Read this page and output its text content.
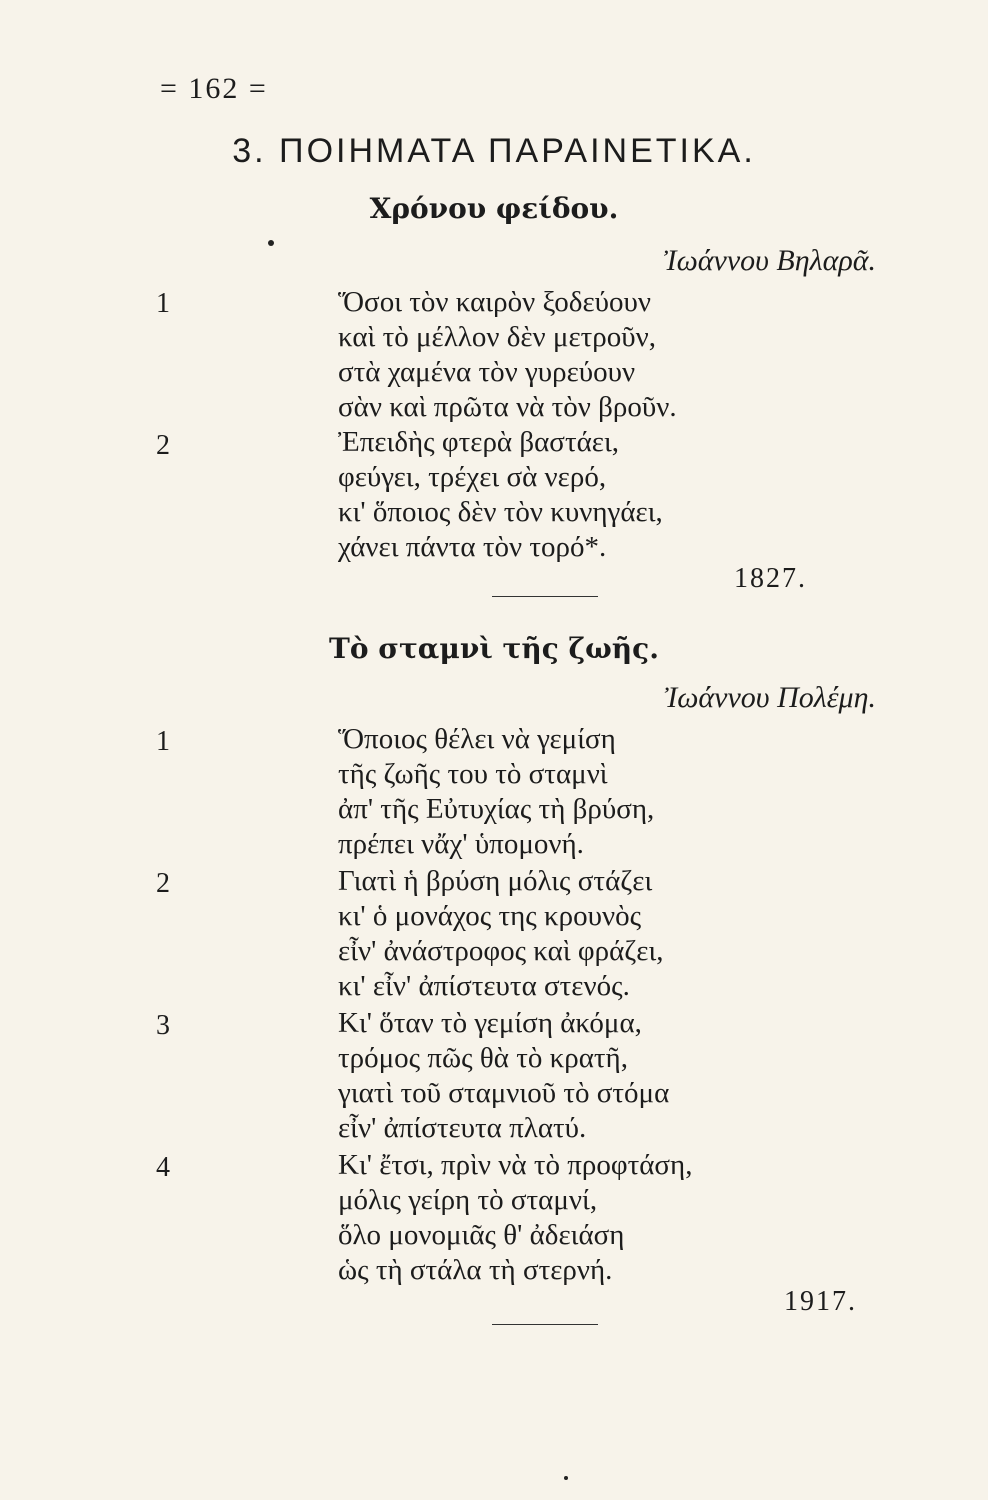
= 162 =
3. ΠΟΙΗΜΑΤΑ ΠΑΡΑΙΝΕΤΙΚΑ.
Χρόνου φείδου.
Ἰωάννου Βηλαρᾶ.
1	Ὅσοι τὸν καιρὸν ξοδεύουν
καὶ τὸ μέλλον δὲν μετροῦν,
στὰ χαμένα τὸν γυρεύουν
σὰν καὶ πρῶτα νὰ τὸν βροῦν.
2	Ἐπειδὴς φτερὰ βαστάει,
φεύγει, τρέχει σὰ νερό,
κι' ὅποιος δὲν τὸν κυνηγάει,
χάνει πάντα τὸν τορό*.
1827.
Τὸ σταμνὶ τῆς ζωῆς.
Ἰωάννου Πολέμη.
1	Ὅποιος θέλει νὰ γεμίση
τῆς ζωῆς του τὸ σταμνὶ
ἀπ' τῆς Εὐτυχίας τὴ βρύση,
πρέπει νἄχ' ὑπομονή.
2	Γιατὶ ἡ βρύση μόλις στάζει
κι' ὁ μονάχος της κρουνὸς
εἶν' ἀνάστροφος καὶ φράζει,
κι' εἶν' ἀπίστευτα στενός.
3	Κι' ὅταν τὸ γεμίση ἀκόμα,
τρόμος πῶς θὰ τὸ κρατῆ,
γιατὶ τοῦ σταμνιοῦ τὸ στόμα
εἶν' ἀπίστευτα πλατύ.
4	Κι' ἔτσι, πρὶν νὰ τὸ προφτάση,
μόλις γείρη τὸ σταμνί,
ὅλο μονομιᾶς θ' ἀδειάση
ὡς τὴ στάλα τὴ στερνή.
1917.
